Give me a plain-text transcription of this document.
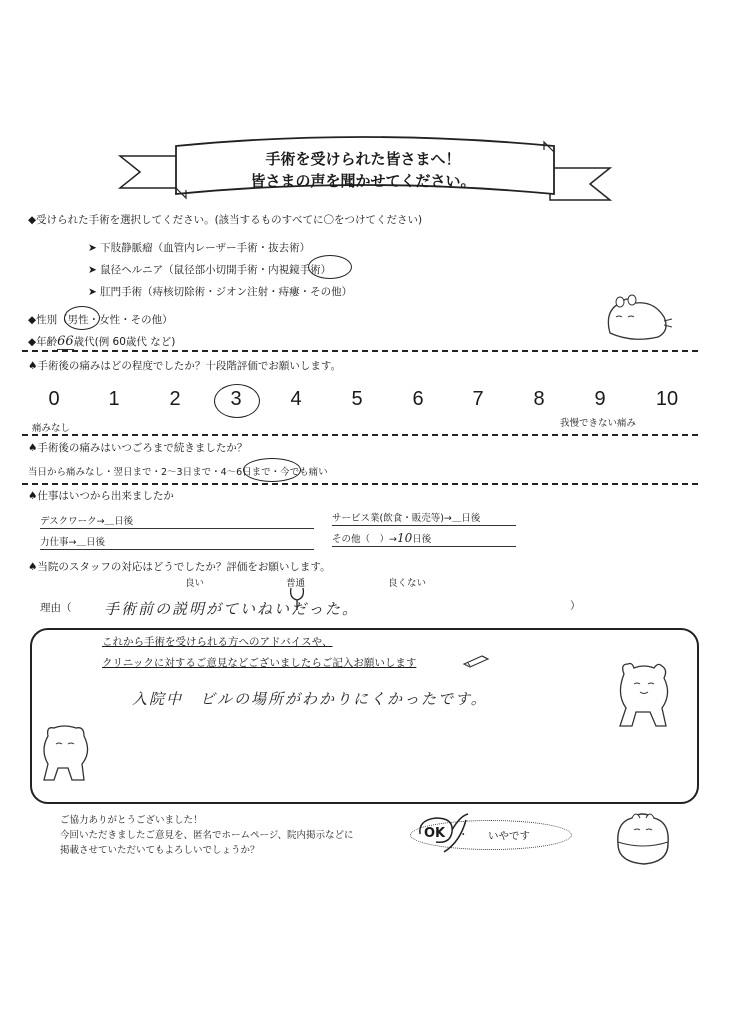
手術を受けられた皆さまへ！
皆さまの声を聞かせてください。
◆受けられた手術を選択してください。(該当するものすべてに〇をつけてください)
➤ 下肢静脈瘤（血管内レーザー手術・抜去術）
➤ 鼠径ヘルニア（鼠径部小切開手術・内視鏡手術）
➤ 肛門手術（痔核切除術・ジオン注射・痔瘻・その他）
◆性別（男性・女性・その他）
◆年齢66歳代(例 60歳代 など)
♠手術後の痛みはどの程度でしたか？十段階評価でお願いします。
0	1	2	3	4	5	6	7	8	9	10
痛みなし	我慢できない痛み
♠手術後の痛みはいつごろまで続きましたか？
当日から痛みなし・翌日まで・2〜3日まで・4〜6日まで・今でも痛い
♠仕事はいつから出来ましたか
デスクワーク→＿日後	サービス業(飲食・販売等)→＿日後
力仕事→＿日後	その他（　）→10日後
♠当院のスタッフの対応はどうでしたか？評価をお願いします。
良い	普通	良くない
理由（ 手術前の説明がていねいだった。	）
これから手術を受けられる方へのアドバイスや、
クリニックに対するご意見などございましたらご記入お願いします
入院中　ビルの場所がわかりにくかったです。
ご協力ありがとうございました！
今回いただきましたご意見を、匿名でホームページ、院内掲示などに
掲載させていただいてもよろしいでしょうか？
OK ・ いやです
